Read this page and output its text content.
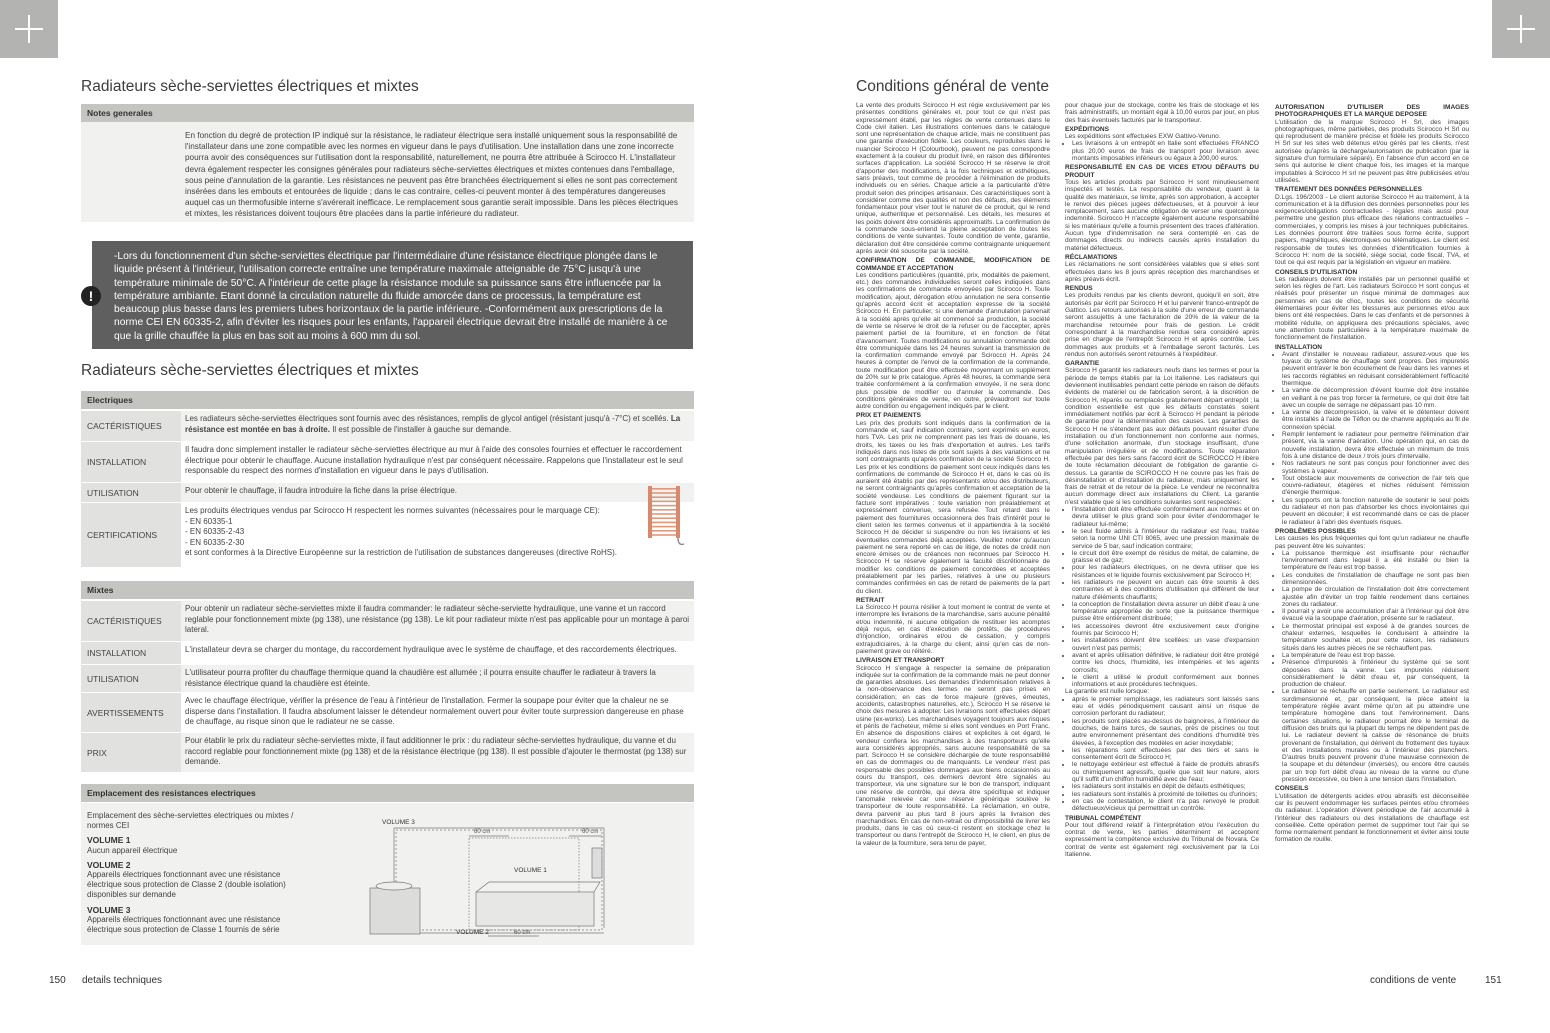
Radiateurs sèche-serviettes électriques et mixtes
Notes generales
En fonction du degré de protection IP indiqué sur la résistance, le radiateur électrique sera installé uniquement sous la responsabilité de l'installateur dans une zone compatible avec les normes en vigueur dans le pays d'utilisation. Une installation dans une zone incorrecte pourra avoir des conséquences sur l'utilisation dont la responsabilité, naturellement, ne pourra être attribuée à Scirocco H. L'installateur devra également respecter les consignes générales pour radiateurs sèche-serviettes électriques et mixtes contenues dans l'emballage, sous peine d'annulation de la garantie. Les résistances ne peuvent pas être branchées électriquement si elles ne sont pas correctement insérées dans les embouts et entourées de liquide ; dans le cas contraire, celles-ci peuvent monter à des températures dangereuses auquel cas un thermofusible interne s'avérerait inefficace. Le remplacement sous garantie serait impossible. Dans les pièces électriques et mixtes, les résistances doivent toujours être placées dans la partie inférieure du radiateur.
-Lors du fonctionnement d'un sèche-serviettes électrique par l'intermédiaire d'une résistance électrique plongée dans le liquide présent à l'intérieur, l'utilisation correcte entraîne une température maximale atteignable de 75°C jusqu'à une température minimale de 50°C. A l'intérieur de cette plage la résistance module sa puissance sans être influencée par la température ambiante. Etant donné la circulation naturelle du fluide amorcée dans ce processus, la température est beaucoup plus basse dans les premiers tubes horizontaux de la partie inférieure. -Conformément aux prescriptions de la norme CEI EN 60335-2, afin d'éviter les risques pour les enfants, l'appareil électrique devrait être installé de manière à ce que la grille chauffée la plus en bas soit au moins à 600 mm du sol.
!
Radiateurs sèche-serviettes électriques et mixtes
Electriques
CACTÉRISTIQUES
Les radiateurs sèche-serviettes électriques sont fournis avec des résistances, remplis de glycol antigel (résistant jusqu'à -7°C) et scellés. La résistance est montée en bas à droite. Il est possible de l'installer à gauche sur demande.
INSTALLATION
Il faudra donc simplement installer le radiateur sèche-serviettes électrique au mur à l'aide des consoles fournies et effectuer le raccordement électrique pour obtenir le chauffage. Aucune installation hydraulique n'est par conséquent nécessaire. Rappelons que l'installateur est le seul responsable du respect des normes d'installation en vigueur dans le pays d'utilisation.
UTILISATION	Pour obtenir le chauffage, il faudra introduire la fiche dans la prise électrique.
CERTIFICATIONS
Les produits électriques vendus par Scirocco H respectent les normes suivantes (nécessaires pour le marquage CE):
- EN 60335-1
- EN 60335-2-43
- EN 60335-2-30
et sont conformes à la Directive Européenne sur la restriction de l'utilisation de substances dangereuses (directive RoHS).
Mixtes
CACTÉRISTIQUES
Pour obtenir un radiateur sèche-serviettes mixte il faudra commander: le radiateur sèche-serviette hydraulique, une vanne et un raccord reglable pour fonctionnement mixte (pg 138), une résistance (pg 138). Le kit pour radiateur mixte n'est pas applicable pour un montage à paroi lateral.
INSTALLATION	L'installateur devra se charger du montage, du raccordement hydraulique avec le système de chauffage, et des raccordements électriques.
UTILISATION
L'utilisateur pourra profiter du chauffage thermique quand la chaudière est allumée ; il pourra ensuite chauffer le radiateur à travers la résistance électrique quand la chaudière est éteinte.
AVERTISSEMENTS
Avec le chauffage électrique, vérifier la présence de l'eau à l'intérieur de l'installation. Fermer la soupape pour éviter que la chaleur ne se disperse dans l'installation. Il faudra absolument laisser le détendeur normalement ouvert pour éviter toute surpression dangereuse en phase de chauffage, au risque sinon que le radiateur ne se casse.
PRIX
Pour établir le prix du radiateur sèche-serviettes mixte, il faut additionner le prix : du radiateur sèche-serviettes hydraulique, du vanne et du raccord reglable pour fonctionnement mixte (pg 138) et de la résistance électrique (pg 138). Il est possible d'ajouter le thermostat (pg 138) sur demande.
Emplacement des resistances electriques
Emplacement des sèche-serviettes electriques ou mixtes / normes CEI
VOLUME 1
Aucun appareil électrique
VOLUME 2
Appareils électriques fonctionnant avec une résistance électrique sous protection de Classe 2 (double isolation) disponibles sur demande
VOLUME 3
Appareils électriques fonctionnant avec une résistance électrique sous protection de Classe 1 fournis de série
VOLUME 3
VOLUME 1
VOLUME 2
60 cm	60 cm
60 cm
150 details techniques
Conditions général de vente

La vente des produits Scirocco H est régie exclusivement par les présentes conditions générales et, pour tout ce qui n'est pas expressément établi, par les règles de vente contenues dans le Code civil italien. Les illustrations contenues dans le catalogue sont une représentation de chaque article, mais ne constituent pas une garantie d'exécution fidèle. Les couleurs, reproduites dans le nuancier Scirocco H (Colourbook), peuvent ne pas correspondre exactement à la couleur du produit livré, en raison des différentes surfaces d'application. La société Scirocco H se réserve le droit d'apporter des modifications, à la fois techniques et esthétiques, sans préavis, tout comme de procéder à l'élimination de produits individuels ou en séries. Chaque article a la particularité d'être produit selon des principes artisanaux. Ces caractéristiques sont à considérer comme des qualités et non des défauts, des éléments fondamentaux pour viser tout le naturel de ce produit, qui le rend unique, authentique et personnalisé. Les détails, les mesures et les poids doivent être considérés approximatifs. La confirmation de la commande sous-entend la pleine acceptation de toutes les conditions de vente suivantes. Toute condition de vente, garantie, déclaration doit être considérée comme contraignante uniquement après avoir été souscrite par la société.

CONFIRMATION DE COMMANDE, MODIFICATION DE COMMANDE ET ACCEPTATION

Les conditions particulières (quantité, prix, modalités de paiement, etc.) des commandes individuelles seront celles indiquées dans les confirmations de commande envoyées par Scirocco H. Toute modification, ajout, dérogation et/ou annulation ne sera consentie qu'après accord écrit et acceptation expresse de la société Scirocco H. En particulier, si une demande d'annulation parvenait à la société après qu'elle ait commencé sa production, la société de vente se réserve le droit de la refuser ou de l'accepter, après paiement partiel de la fourniture, et en fonction de l'état d'avancement. Toutes modifications ou annulation commande doit être communiquée dans les 24 heures suivant la transmission de la confirmation commande envoyé par Scirocco H. Après 24 heures à compter de l'envoi de la confirmation de la commande, toute modification peut être effectuée moyennant un supplément de 20% sur le prix catalogue. Après 48 heures, la commande sera traitée conformément à la confirmation envoyée, il ne sera donc plus possible de modifier ou d'annuler la commande. Des conditions générales de vente, en outre, prévaudront sur toute autre condition ou engagement indiqués par le client.

PRIX ET PAIEMENTS

Les prix des produits sont indiqués dans la confirmation de la commande et, sauf indication contraire, sont exprimés en euros, hors TVA. Les prix ne comprennent pas les frais de douane, les droits, les taxes ou les frais d'exportation et autres. Les tarifs indiqués dans nos listes de prix sont sujets à des variations et ne sont contraignants qu'après confirmation de la société Scirocco H. Les prix et les conditions de paiement sont ceux indiqués dans les confirmations de commande de Scirocco H et, dans le cas où ils auraient été établis par des représentants et/ou des distributeurs, ne seront contraignants qu'après confirmation et acceptation de la société vendeuse. Les conditions de paiement figurant sur la facture sont impératives : toute variation non préalablement et expressément convenue, sera refusée. Tout retard dans le paiement des fournitures occasionnera des frais d'intérêt pour le client selon les termes convenus et il appartiendra à la société Scirocco H de décider si suspendre ou non les livraisons et les éventuelles commandes déjà acceptées. Veuillez noter qu'aucun paiement ne sera reporté en cas de litige, de notes de crédit non encore émises ou de créances non reconnues par Scirocco H. Scirocco H se réserve également la faculté discrétionnaire de modifier les conditions de paiement concordées et acceptées préalablement par les parties, relatives à une ou plusieurs commandes confirmées en cas de retard de paiements de la part du client.

RETRAIT

La Scirocco H pourra résilier à tout moment le contrat de vente et interrompre les livraisons de la marchandise, sans aucune pénalité et/ou indemnité, ni aucune obligation de restituer les acomptes déjà reçus, en cas d'exécution de protêts, de procédures d'injonction, ordinaires et/ou de cessation, y compris extrajudiciaires, à la charge du client, ainsi qu'en cas de non-paiement grave ou réitéré.

LIVRAISON ET TRANSPORT

Scirocco H s'engage à respecter la semaine de préparation indiquée sur la confirmation de la commande mais ne peut donner de garanties absolues. Les demandes d'indemnisation relatives à la non-observance des termes ne seront pas prises en considération; en cas de force majeure (grèves, émeutes, accidents, catastrophes naturelles, etc.), Scirocco H se réserve le choix des mesures à adopter. Les livraisons sont effectuées départ usine (ex-works). Les marchandises voyagent toujours aux risques et périls de l'acheteur, même si elles sont vendues en Port Franc. En absence de dispositions claires et explicites à cet égard, le vendeur confiera les marchandises à des transporteurs qu'elle aura considérés appropriés, sans aucune responsabilité de sa part. Scirocco H se considère déchargée de toute responsabilité en cas de dommages ou de manquants. Le vendeur n'est pas responsable des possibles dommages aux biens occasionnés au cours du transport, ces derniers devront être signalés au transporteur, via une signature sur le bon de transport, indiquant une réserve de contrôle, qui devra être spécifique et indiquer l'anomalie relevée car une réserve générique soulève le transporteur de toute responsabilité. La réclamation, en outre, devra parvenir au plus tard 8 jours après la livraison des marchandises. En cas de non-retrait ou d'impossibilité de livrer les produits, dans le cas où ceux-ci restent en stockage chez le transporteur ou dans l'entrepôt de Scirocco H, le client, en plus de la valeur de la fourniture, sera tenu de payer,

pour chaque jour de stockage, contre les frais de stockage et les frais administratifs, un montant égal à 10,00 euros par jour, en plus des frais éventuels facturés par le transporteur.

EXPÉDITIONS

Les expéditions sont effectuées EXW Gattivo-Veruno.

• Les livraisons à un entrepôt en Italie sont effectuées FRANCO plus 20,00 euros de frais de transport pour livraison avec montants imposables inférieurs ou égaux à 200,00 euros.

RESPONSABILITÉ EN CAS DE VICES ET/OU DÉFAUTS DU PRODUIT

Tous les articles produits par Scirocco H sont minutieusement inspectés et testés. La responsabilité du vendeur, quant à la qualité des matériaux, se limite, après son approbation, à accepter le renvoi des pièces jugées défectueuses, et à pourvoir à leur remplacement, sans aucune obligation de verser une quelconque indemnité. Scirocco H n'accepte également aucune responsabilité si les matériaux qu'elle a fournis présentent des traces d'altération. Aucun type d'indemnisation ne sera contemplé en cas de dommages directs ou indirects causés après installation du matériel défectueux.

RÉCLAMATIONS

Les réclamations ne sont considérées valables que si elles sont effectuées dans les 8 jours après réception des marchandises et après préavis écrit.

RENDUS

Les produits rendus par les clients devront, quoiqu'il en soit, être autorisés par écrit par Scirocco H et lui parvenir franco-entrepôt de Gattico. Les retours autorisés à la suite d'une erreur de commande seront assujettis à une facturation de 20% de la valeur de la marchandise retournée pour frais de gestion. Le crédit correspondant à la marchandise rendue sera considéré après prise en charge de l'entrepôt Scirocco H et après contrôle. Les dommages aux produits et à l'emballage seront facturés. Les rendus non autorisés seront retournés à l'expéditeur.

GARANTIE

Scirocco H garantit les radiateurs neufs dans les termes et pour la période de temps établis par la Loi Italienne. Les radiateurs qui deviennent inutilisables pendant cette période en raison de défauts évidents de matériel ou de fabrication seront, à la discrétion de Scirocco H, réparés ou remplacés gratuitement départ entrepôt ; la condition essentielle est que les défauts constatés soient immédiatement notifiés par écrit à Scirocco H pendant la période de garantie pour la détermination des causes. Les garanties de Scirocco H ne s'étendent pas aux défauts pouvant résulter d'une installation ou d'un fonctionnement non conforme aux normes, d'une sollicitation anormale, d'un stockage insuffisant, d'une manipulation irrégulière et de modifications. Toute réparation effectuée par des tiers sans l'accord écrit de SCIROCCO H libère de toute réclamation découlant de l'obligation de garantie ci-dessus. La garantie de SCIROCCO H ne couvre pas les frais de désinstallation et d'installation du radiateur, mais uniquement les frais de retrait et de retour de la pièce. Le vendeur ne reconnaîtra aucun dommage direct aux installations du Client. La garantie n'est valable que si les conditions suivantes sont respectées:

• l'installation doit être effectuée conformément aux normes et on devra utiliser le plus grand soin pour éviter d'endommager le radiateur lui-même;
• le seul fluide admis à l'intérieur du radiateur est l'eau, traitée selon la norme UNI CTI 8065, avec une pression maximale de service de 5 bar, sauf indication contraire;
• le circuit doit être exempt de résidus de métal, de calamine, de graisse et de gaz;
• pour les radiateurs électriques, on ne devra utiliser que les résistances et le liquide fournis exclusivement par Scirocco H;
• les radiateurs ne peuvent en aucun cas être soumis à des contraintes et à des conditions d'utilisation qui diffèrent de leur nature d'éléments chauffants;
• la conception de l'installation devra assurer un débit d'eau à une température appropriée de sorte que la puissance thermique puisse être entièrement distribuée;
• les accessoires devront être exclusivement ceux d'origine fournis par Scirocco H;
• les installations doivent être scellées: un vase d'expansion ouvert n'est pas permis;
• avant et après utilisation définitive, le radiateur doit être protégé contre les chocs, l'humidité, les intempéries et les agents corrosifs;
• le client a utilisé le produit conformément aux bonnes informations et aux procédures techniques.

La garantie est nulle lorsque:

• après le premier remplissage, les radiateurs sont laissés sans eau et vidés périodiquement causant ainsi un risque de corrosion perforant du radiateur;
• les produits sont placés au-dessus de baignoires, à l'intérieur de douches, de bains turcs, de saunas, près de piscines ou tout autre environnement présentant des conditions d'humidité très élevées, à l'exception des modèles en acier inoxydable;
• les réparations sont effectuées par des tiers et sans le consentement écrit de Scirocco H;
• le nettoyage extérieur est effectué à l'aide de produits abrasifs ou chimiquement agressifs, quelle que soit leur nature, alors qu'il suffit d'un chiffon humidifié avec de l'eau;
• les radiateurs sont installés en dépit de défauts esthétiques;
• les radiateurs sont installés à proximité de toilettes ou d'urinoirs;
• en cas de contestation, le client n'a pas renvoyé le produit défectueux/vicieux qui permettrait un contrôle.

TRIBUNAL COMPÉTENT

Pour tout différend relatif à l'interprétation et/ou l'exécution du contrat de vente, les parties déterminent et acceptent expressément la compétence exclusive du Tribunal de Novara. Ce contrat de vente est également régi exclusivement par la Loi Italienne.

AUTORISATION D'UTILISER DES IMAGES PHOTOGRAPHIQUES ET LA MARQUE DEPOSEE

L'utilisation de la marque Scirocco H Srl, des images photographiques, même partielles, des produits Scirocco H Srl ou qui reproduisent de manière précise et fidèle les produits Scirocco H Srl sur les sites web détenus et/ou gérés par les clients, n'est autorisée qu'après la décharge/autorisation de publication (par la signature d'un formulaire séparé). En l'absence d'un accord en ce sens qui autorise le client chaque fois, les images et la marque imputables à Scirocco H srl ne peuvent pas être publicisées et/ou utilisées.

TRAITEMENT DES DONNÉES PERSONNELLES

D.Lgs. 196/2003 - Le client autorise Scirocco H au traitement, à la communication et à la diffusion des données personnelles pour les exigences/obligations contractuelles - légales mais aussi pour permettre une gestion plus efficace des relations contractuelles – commerciales, y compris les mises à jour techniques publicitaires. Les données pourront être traitées sous forme écrite, support papiers, magnétiques, électroniques ou télématiques. Le client est responsable de toutes les données d'identification fournies à Scirocco H: nom de la société, siège social, code fiscal, TVA, et tout ce qui est requis par la législation en vigueur en matière.

CONSEILS D'UTILISATION

Les radiateurs doivent être installés par un personnel qualifié et selon les règles de l'art. Les radiateurs Scirocco H sont conçus et réalisés pour présenter un risque minimal de dommages aux personnes en cas de choc, toutes les conditions de sécurité élémentaires pour éviter les blessures aux personnes et/ou aux biens ont été respectées. Dans le cas d'enfants et de personnes à mobilité réduite, on appliquera des précautions spéciales, avec une attention toute particulière à la température maximale de fonctionnement de l'installation.

INSTALLATION

• Avant d'installer le nouveau radiateur, assurez-vous que les tuyaux du système de chauffage sont propres. Des impuretés peuvent entraver le bon écoulement de l'eau dans les vannes et les raccords réglables en réduisant considérablement l'efficacité thermique.
• La vanne de décompression d'évent fournie doit être installée en veillant à ne pas trop forcer la fermeture, ce qui doit être fait avec un couple de serrage ne dépassant pas 10 mm.
• La vanne de décompression, la valve et le détenteur doivent être installés à l'aide de Téflon ou de chanvre appliqués au fil de connexion spécial.
• Remplir lentement le radiateur pour permettre l'élimination d'air présent, via la vanne d'aération. Une opération qui, en cas de nouvelle installation, devra être effectuée un minimum de trois fois à une distance de deux / trois jours d'intervalle.
• Nos radiateurs ne sont pas conçus pour fonctionner avec des systèmes à vapeur.
• Tout obstacle aux mouvements de convection de l'air tels que couvre-radiateur, étagères et niches réduisent l'émission d'énergie thermique.
• Les supports ont la fonction naturelle de soutenir le seul poids du radiateur et non pas d'absorber les chocs involontaires qui peuvent en découler; il est recommandé dans ce cas de placer le radiateur à l'abri des éventuels risques.

PROBLÈMES POSSIBLES

Les causes les plus fréquentes qui font qu'un radiateur ne chauffe pas peuvent être les suivantes:

• La puissance thermique est insuffisante pour réchauffer l'environnement dans lequel il a été installé ou bien la température de l'eau est trop basse.
• Les conduites de l'installation de chauffage ne sont pas bien dimensionnées.
• La pompe de circulation de l'installation doit être correctement ajustée afin d'éviter un trop faible rendement dans certaines zones du radiateur.
• Il pourrait y avoir une accumulation d'air à l'intérieur qui doit être évacué via la soupape d'aération, présente sur le radiateur.
• Le thermostat principal est exposé à de grandes sources de chaleur externes, lesquelles le conduisent à atteindre la température souhaitée et, pour cette raison, les radiateurs situés dans les autres pièces ne se réchauffent pas.
• La température de l'eau est trop basse.
• Présence d'impuretés à l'intérieur du système qui se sont déposées dans la vanne. Les impuretés réduisent considérablement le débit d'eau et, par conséquent, la production de chaleur.
• Le radiateur se réchauffe en partie seulement. Le radiateur est surdimensionné et, par conséquent, la pièce atteint la température réglée avant même qu'on ait pu atteindre une température homogène dans tout l'environnement. Dans certaines situations, le radiateur pourrait être le terminal de diffusion des bruits qui la plupart du temps ne dépendent pas de lui. Le radiateur devient la caisse de résonance de bruits provenant de l'installation, qui dérivent du frottement des tuyaux et des installations murales ou à l'intérieur des planchers. D'autres bruits peuvent provenir d'une mauvaise connexion de la soupape et du détendeur (inversés), ou encore être causés par un trop fort débit d'eau au niveau de la vanne ou d'une pression excessive, ou bien à une tension dans l'installation.

CONSEILS

L'utilisation de détergents acides et/ou abrasifs est déconseillée car ils peuvent endommager les surfaces peintes et/ou chromées du radiateur. L'opération d'évent périodique de l'air accumulé à l'intérieur des radiateurs ou des installations de chauffage est conseillée. Cette opération permet de supprimer tout l'air qui se forme normalement pendant le fonctionnement et éviter ainsi toute formation de rouille.

conditions de vente	151
